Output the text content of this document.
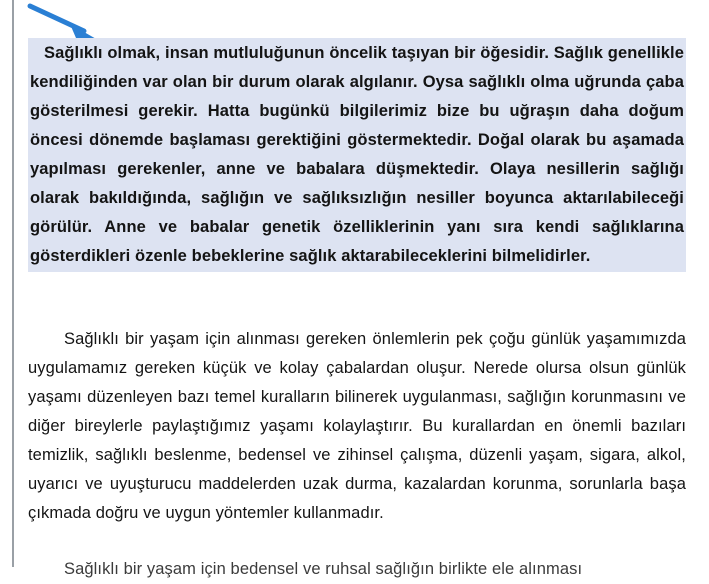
Sağlıklı olmak, insan mutluluğunun öncelik taşıyan bir öğesidir. Sağlık genellikle kendiliğinden var olan bir durum olarak algılanır. Oysa sağlıklı olma uğrunda çaba gösterilmesi gerekir. Hatta bugünkü bilgilerimiz bize bu uğraşın daha doğum öncesi dönemde başlaması gerektiğini göstermektedir. Doğal olarak bu aşamada yapılması gerekenler, anne ve babalara düşmektedir. Olaya nesillerin sağlığı olarak bakıldığında, sağlığın ve sağlıksızlığın nesiller boyunca aktarılabileceği görülür. Anne ve babalar genetik özelliklerinin yanı sıra kendi sağlıklarına gösterdikleri özenle bebeklerine sağlık aktarabileceklerini bilmelidirler.

Sağlıklı bir yaşam için alınması gereken önlemlerin pek çoğu günlük yaşamımızda uygulamamız gereken küçük ve kolay çabalardan oluşur. Nerede olursa olsun günlük yaşamı düzenleyen bazı temel kuralların bilinerek uygulanması, sağlığın korunmasını ve diğer bireylerle paylaştığımız yaşamı kolaylaştırır. Bu kurallardan en önemli bazıları temizlik, sağlıklı beslenme, bedensel ve zihinsel çalışma, düzenli yaşam, sigara, alkol, uyarıcı ve uyuşturucu maddelerden uzak durma, kazalardan korunma, sorunlarla başa çıkmada doğru ve uygun yöntemler kullanmadır.

Sağlıklı bir yaşam için bedensel ve ruhsal sağlığın birlikte ele alınması
